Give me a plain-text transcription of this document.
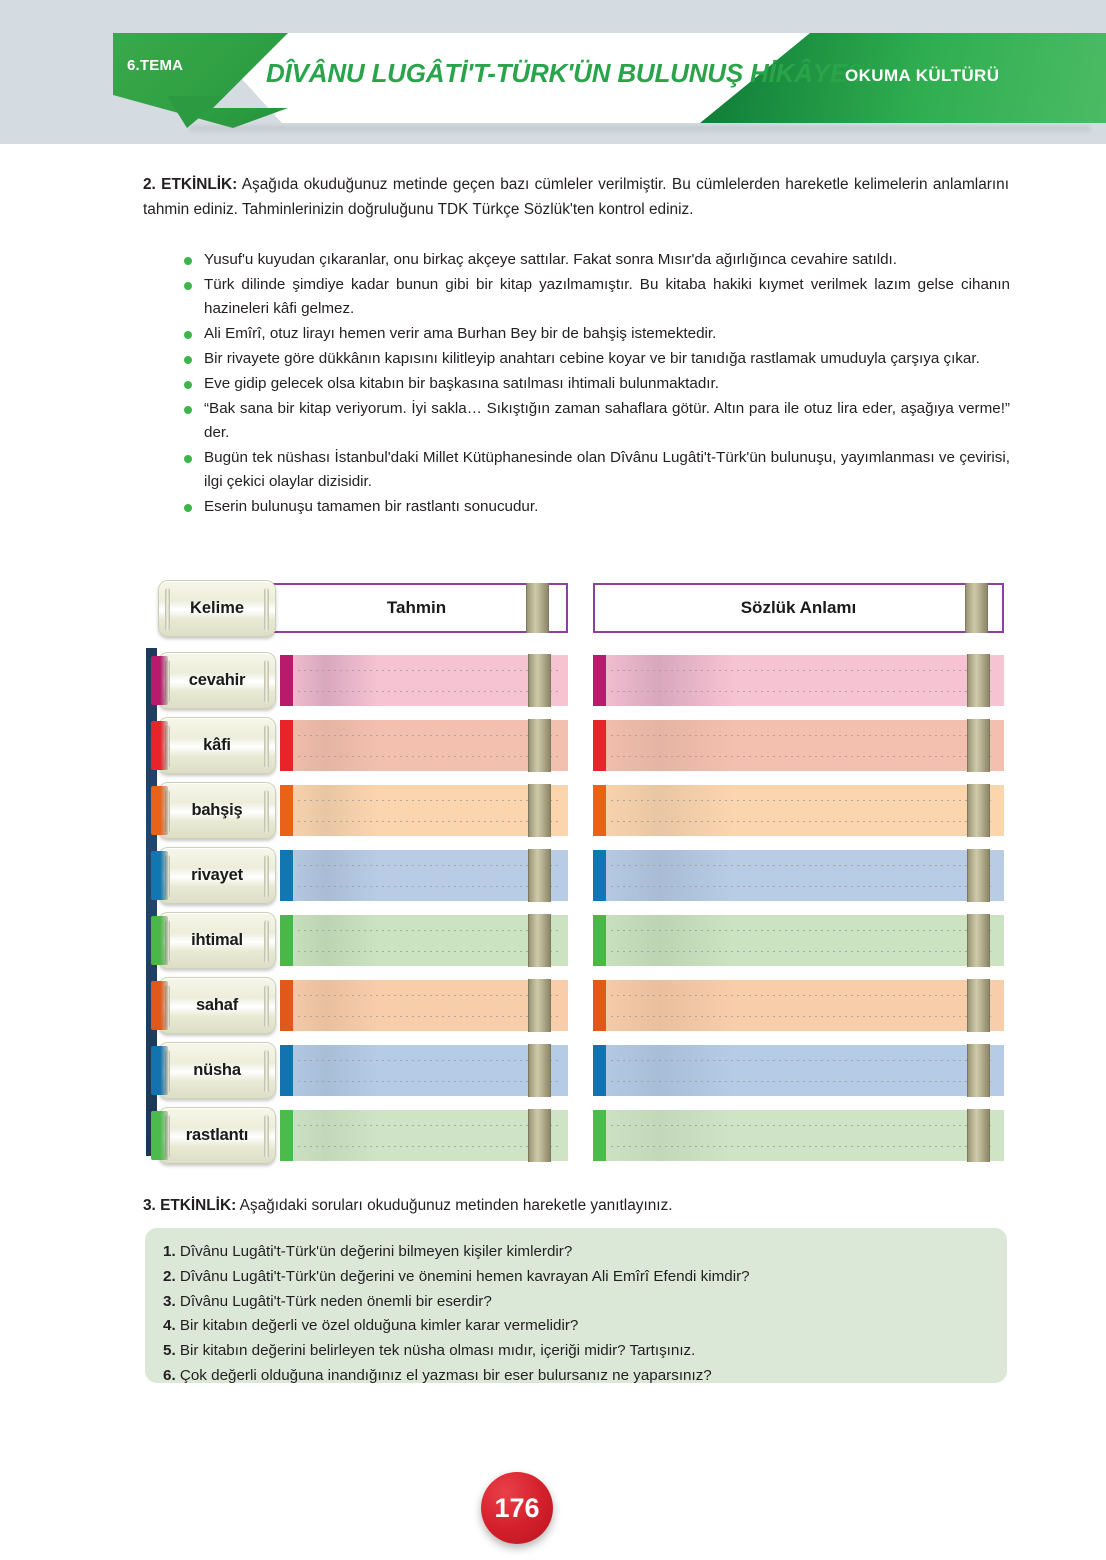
6.TEMA	DÎVÂNU LUGÂTİ'T-TÜRK'ÜN BULUNUŞ HİKÂYESİ
OKUMA KÜLTÜRÜ
2. ETKİNLİK: Aşağıda okuduğunuz metinde geçen bazı cümleler verilmiştir. Bu cümlelerden hareketle kelimelerin anlamlarını tahmin ediniz. Tahminlerinizin doğruluğunu TDK Türkçe Sözlük'ten kontrol ediniz.
Yusuf'u kuyudan çıkaranlar, onu birkaç akçeye sattılar. Fakat sonra Mısır'da ağırlığınca cevahire satıldı.
Türk dilinde şimdiye kadar bunun gibi bir kitap yazılmamıştır. Bu kitaba hakiki kıymet verilmek lazım gelse cihanın hazineleri kâfi gelmez.
Ali Emîrî, otuz lirayı hemen verir ama Burhan Bey bir de bahşiş istemektedir.
Bir rivayete göre dükkânın kapısını kilitleyip anahtarı cebine koyar ve bir tanıdığa rastlamak umuduyla çarşıya çıkar.
Eve gidip gelecek olsa kitabın bir başkasına satılması ihtimali bulunmaktadır.
“Bak sana bir kitap veriyorum. İyi sakla… Sıkıştığın zaman sahaflara götür. Altın para ile otuz lira eder, aşağıya verme!” der.
Bugün tek nüshası İstanbul'daki Millet Kütüphanesinde olan Dîvânu Lugâti't-Türk'ün bulunuşu, yayımlanması ve çevirisi, ilgi çekici olaylar dizisidir.
Eserin bulunuşu tamamen bir rastlantı sonucudur.
Kelime	Tahmin	Sözlük Anlamı
cevahir
kâfi
bahşiş
rivayet
ihtimal
sahaf
nüsha
rastlantı
3. ETKİNLİK: Aşağıdaki soruları okuduğunuz metinden hareketle yanıtlayınız.
1. Dîvânu Lugâti't-Türk'ün değerini bilmeyen kişiler kimlerdir?
2. Dîvânu Lugâti't-Türk'ün değerini ve önemini hemen kavrayan Ali Emîrî Efendi kimdir?
3. Dîvânu Lugâti't-Türk neden önemli bir eserdir?
4. Bir kitabın değerli ve özel olduğuna kimler karar vermelidir?
5. Bir kitabın değerini belirleyen tek nüsha olması mıdır, içeriği midir? Tartışınız.
6. Çok değerli olduğuna inandığınız el yazması bir eser bulursanız ne yaparsınız?
176
